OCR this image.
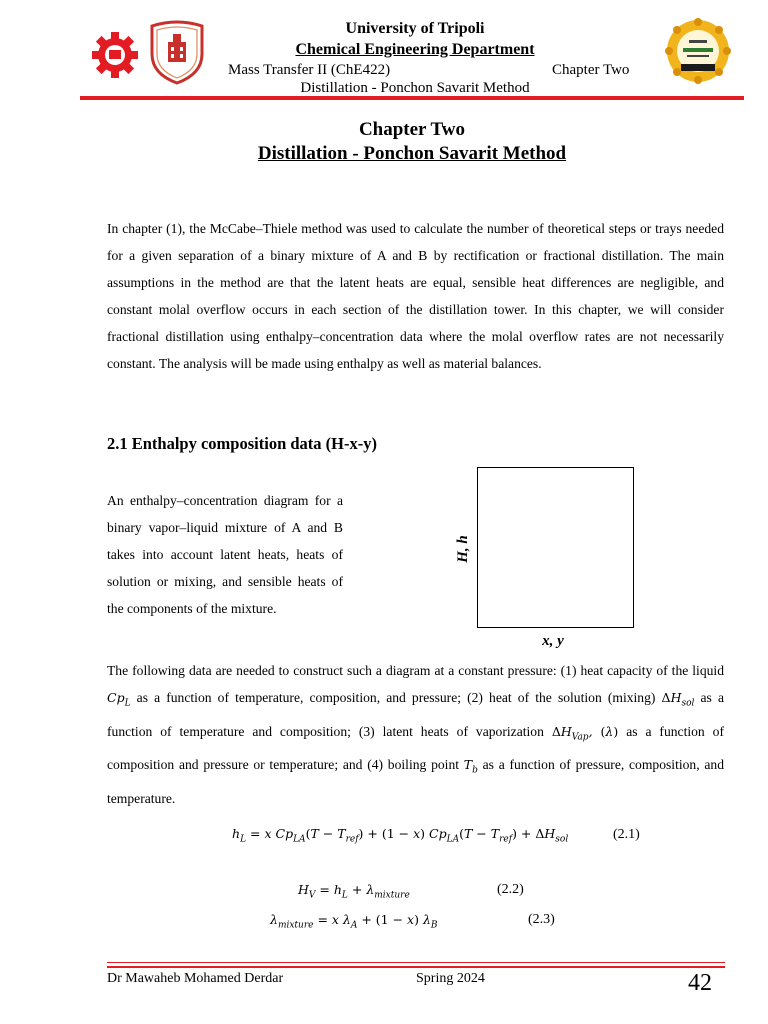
University of Tripoli
Chemical Engineering Department
Mass Transfer II (ChE422)	Chapter Two
Distillation - Ponchon Savarit Method
Chapter Two
Distillation - Ponchon Savarit Method
In chapter (1), the McCabe–Thiele method was used to calculate the number of theoretical steps or trays needed for a given separation of a binary mixture of A and B by rectification or fractional distillation. The main assumptions in the method are that the latent heats are equal, sensible heat differences are negligible, and constant molal overflow occurs in each section of the distillation tower. In this chapter, we will consider fractional distillation using enthalpy–concentration data where the molal overflow rates are not necessarily constant. The analysis will be made using enthalpy as well as material balances.
2.1 Enthalpy composition data (H-x-y)
An enthalpy–concentration diagram for a binary vapor–liquid mixture of A and B takes into account latent heats, heats of solution or mixing, and sensible heats of the components of the mixture.
H, h
x, y
The following data are needed to construct such a diagram at a constant pressure: (1) heat capacity of the liquid $Cp_L$ as a function of temperature, composition, and pressure; (2) heat of the solution (mixing) $\Delta H_{sol}$ as a function of temperature and composition; (3) latent heats of vaporization $\Delta H_{Vap}$, (λ) as a function of composition and pressure or temperature; and (4) boiling point $T_b$ as a function of pressure, composition, and temperature.
$h_L = x$ $Cp_{LA}(T - T_{ref}) + (1 - x) Cp_{LA}(T - T_{ref}) + \Delta H_{sol}$	(2.1)
$H_V = h_L + \lambda_{mixture}$	(2.2)
$\lambda_{mixture} = x$ $\lambda_A + (1 - x)$ $\lambda_B$	(2.3)
Dr Mawaheb Mohamed Derdar	Spring 2024	42
